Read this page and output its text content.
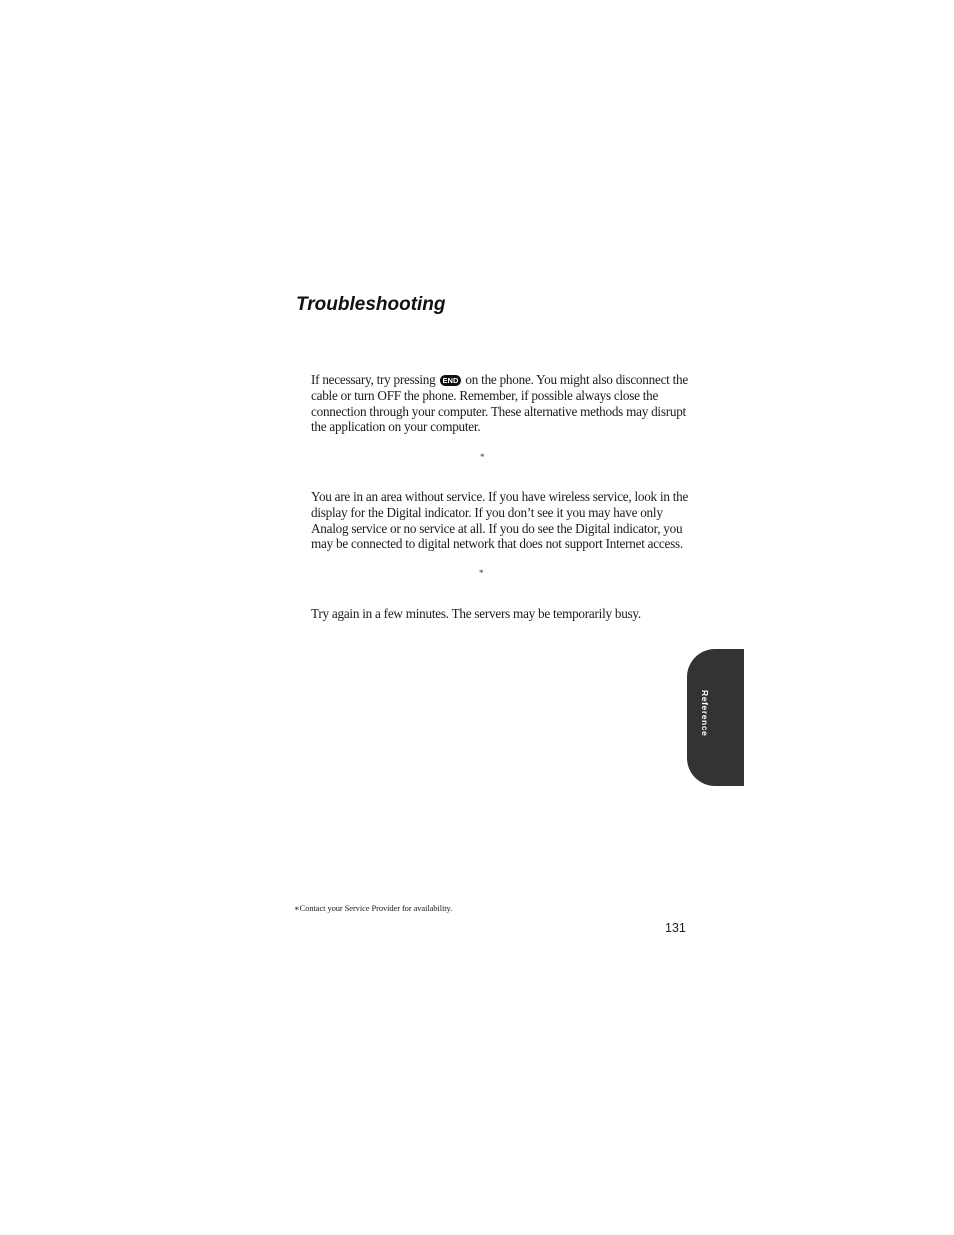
Troubleshooting

If necessary, try pressing END on the phone. You might also disconnect the cable or turn OFF the phone. Remember, if possible always close the connection through your computer. These alternative methods may disrupt the application on your computer.

*

You are in an area without service. If you have wireless service, look in the display for the Digital indicator. If you don’t see it you may have only Analog service or no service at all. If you do see the Digital indicator, you may be connected to digital network that does not support Internet access.

*

Try again in a few minutes. The servers may be temporarily busy.

Reference
∗Contact your Service Provider for availability.
131
